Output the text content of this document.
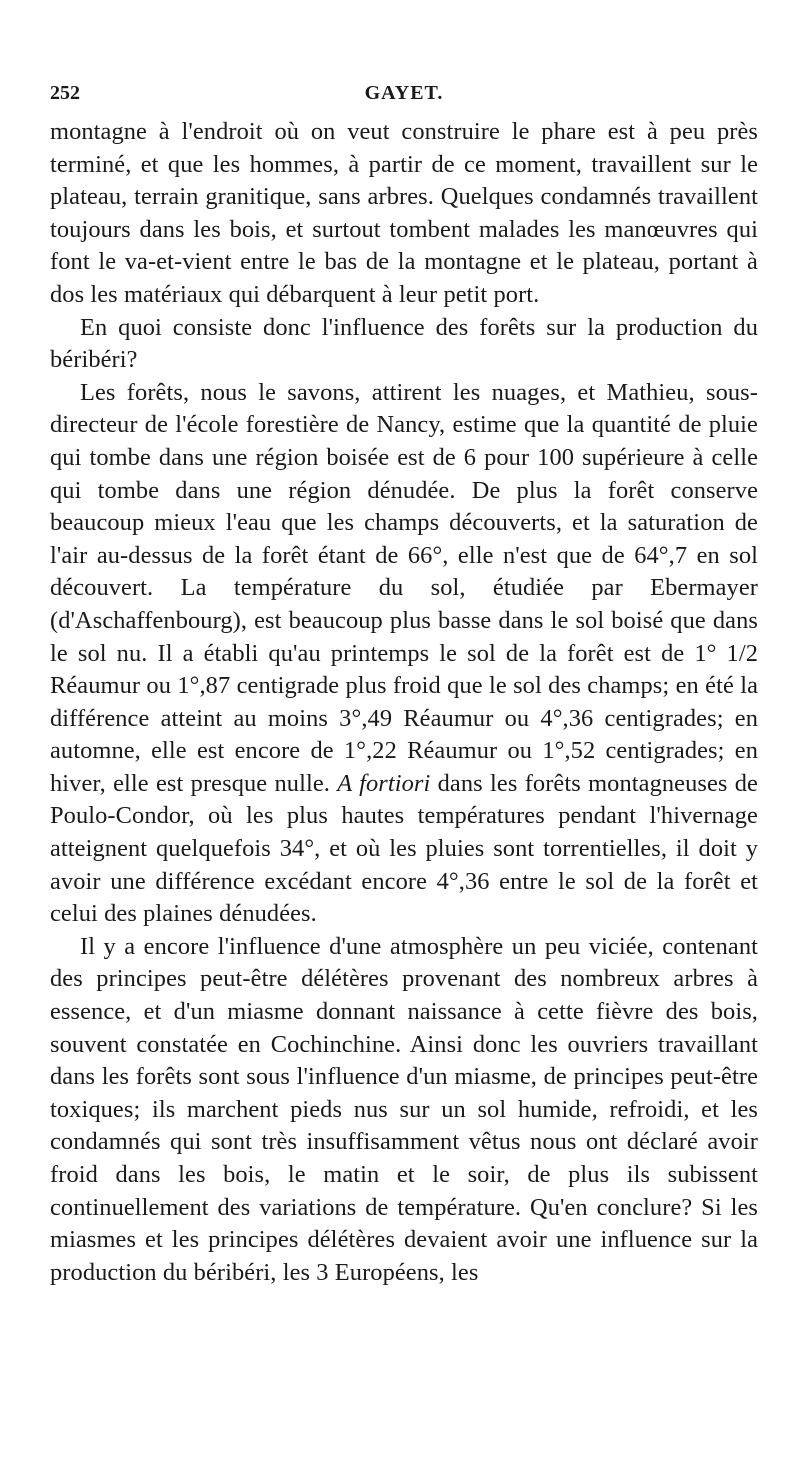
252	GAYET.

montagne à l'endroit où on veut construire le phare est à peu près terminé, et que les hommes, à partir de ce moment, travaillent sur le plateau, terrain granitique, sans arbres. Quelques condamnés travaillent toujours dans les bois, et surtout tombent malades les manœuvres qui font le va-et-vient entre le bas de la montagne et le plateau, portant à dos les matériaux qui débarquent à leur petit port.

En quoi consiste donc l'influence des forêts sur la production du béribéri?

Les forêts, nous le savons, attirent les nuages, et Mathieu, sous-directeur de l'école forestière de Nancy, estime que la quantité de pluie qui tombe dans une région boisée est de 6 pour 100 supérieure à celle qui tombe dans une région dénudée. De plus la forêt conserve beaucoup mieux l'eau que les champs découverts, et la saturation de l'air au-dessus de la forêt étant de 66°, elle n'est que de 64°,7 en sol découvert. La température du sol, étudiée par Ebermayer (d'Aschaffenbourg), est beaucoup plus basse dans le sol boisé que dans le sol nu. Il a établi qu'au printemps le sol de la forêt est de 1° 1/2 Réaumur ou 1°,87 centigrade plus froid que le sol des champs; en été la différence atteint au moins 3°,49 Réaumur ou 4°,36 centigrades; en automne, elle est encore de 1°,22 Réaumur ou 1°,52 centigrades; en hiver, elle est presque nulle. A fortiori dans les forêts montagneuses de Poulo-Condor, où les plus hautes températures pendant l'hivernage atteignent quelquefois 34°, et où les pluies sont torrentielles, il doit y avoir une différence excédant encore 4°,36 entre le sol de la forêt et celui des plaines dénudées.

Il y a encore l'influence d'une atmosphère un peu viciée, contenant des principes peut-être délétères provenant des nombreux arbres à essence, et d'un miasme donnant naissance à cette fièvre des bois, souvent constatée en Cochinchine. Ainsi donc les ouvriers travaillant dans les forêts sont sous l'influence d'un miasme, de principes peut-être toxiques; ils marchent pieds nus sur un sol humide, refroidi, et les condamnés qui sont très insuffisamment vêtus nous ont déclaré avoir froid dans les bois, le matin et le soir, de plus ils subissent continuellement des variations de température. Qu'en conclure? Si les miasmes et les principes délétères devaient avoir une influence sur la production du béribéri, les 3 Européens, les
